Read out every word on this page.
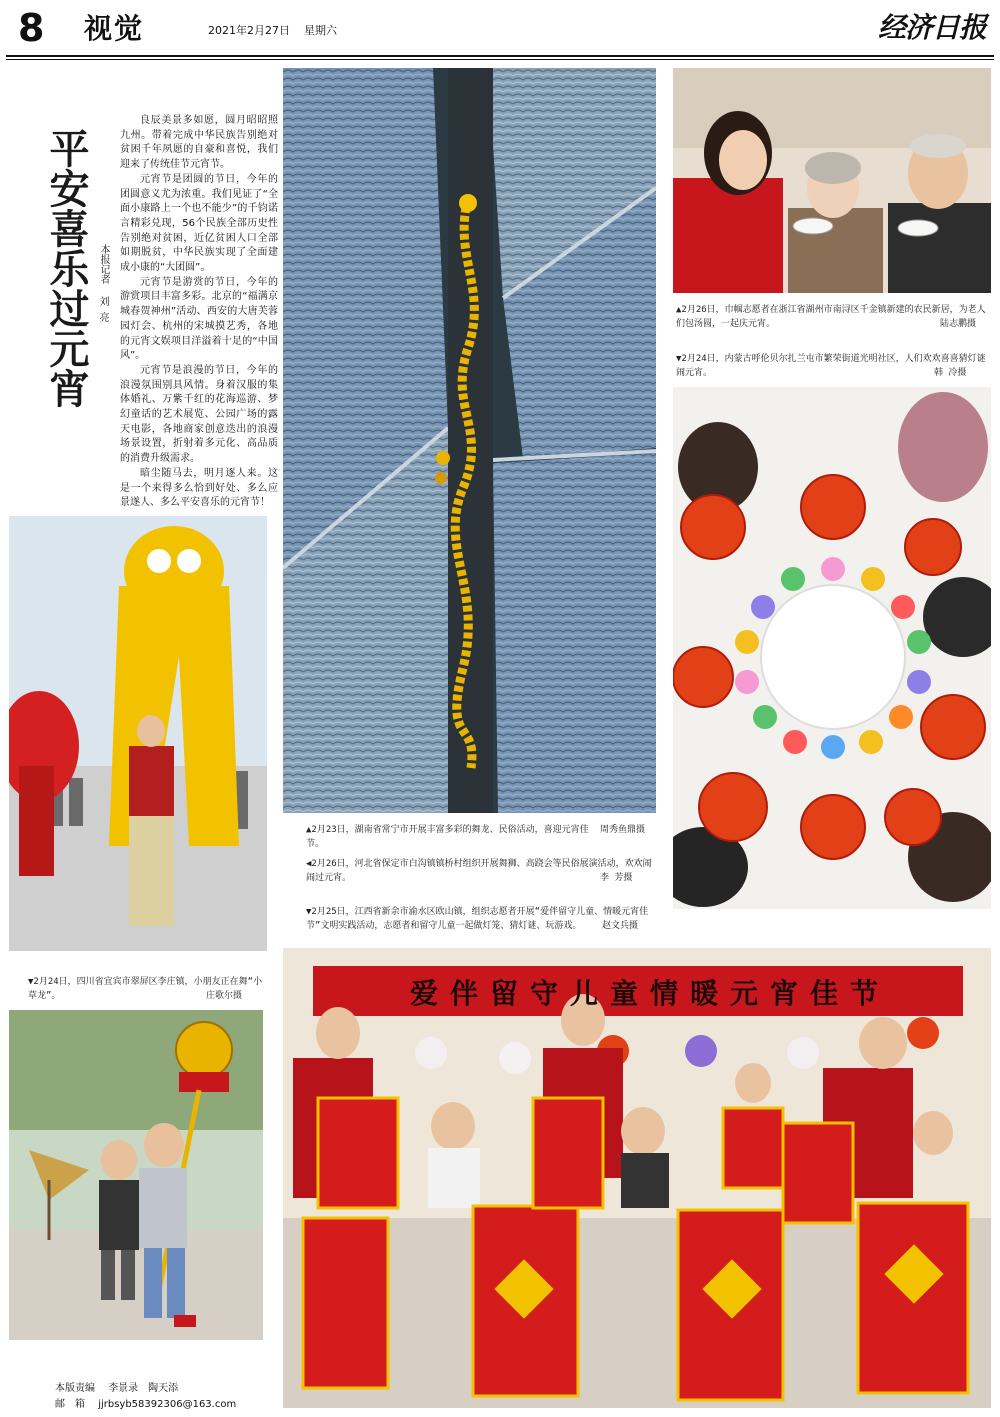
8 视觉	2021年2月27日 星期六	经济日报
平安喜乐过元宵 本报记者
刘亮

良辰美景多如愿，圆月昭昭照九州。带着完成中华民族告别绝对贫困千年夙愿的自豪和喜悦，我们迎来了传统佳节元宵节。

元宵节是团圆的节日，今年的团圆意义尤为浓重。我们见证了“全面小康路上一个也不能少”的千钧诺言精彩兑现，56个民族全部历史性告别绝对贫困，近亿贫困人口全部如期脱贫，中华民族实现了全面建成小康的“大团圆”。

元宵节是游赏的节日，今年的游赏项目丰富多彩。北京的“福满京城春贺神州”活动、西安的大唐芙蓉园灯会、杭州的宋城摸艺秀，各地的元宵文娱项目洋溢着十足的“中国风”。

元宵节是浪漫的节日，今年的浪漫氛围别具风情。身着汉服的集体婚礼、万紫千红的花海巡游、梦幻童话的艺术展览、公园广场的露天电影，各地商家创意迭出的浪漫场景设置，折射着多元化、高品质的消费升级需求。

暗尘随马去，明月逐人来。这是一个来得多么恰到好处、多么应景遂人、多么平安喜乐的元宵节！

▲2月23日，湖南省常宁市开展丰富多彩的舞龙、民俗活动，喜迎元宵佳节。
周秀鱼鼎摄
◀2月26日，河北省保定市白沟镇镇桥村组织开展舞狮、高跷会等民俗展演活动，欢欢闹闹过元宵。	李 芳摄
▼2月25日，江西省新余市渝水区欧山镇，组织志愿者开展“爱伴留守儿童、情暖元宵佳节”文明实践活动，志愿者和留守儿童一起做灯笼、猜灯谜、玩游戏。	赵文兵摄
▲2月26日，巾帼志愿者在浙江省湖州市南浔区千金镇新建的农民新居，为老人们包汤圆，一起庆元宵。	陆志鹏摄
▼2月24日，内蒙古呼伦贝尔扎兰屯市繁荣街道光明社区，人们欢欢喜喜猜灯谜闹元宵。	韩 冷摄
▼2月24日，四川省宜宾市翠屏区李庄镇，小朋友正在舞“小草龙”。	庄歌尔摄	爱伴留守儿童情暖元宵佳节
本版责编 李景录　陶天添
邮　箱 jjrbsyb58392306@163.com
